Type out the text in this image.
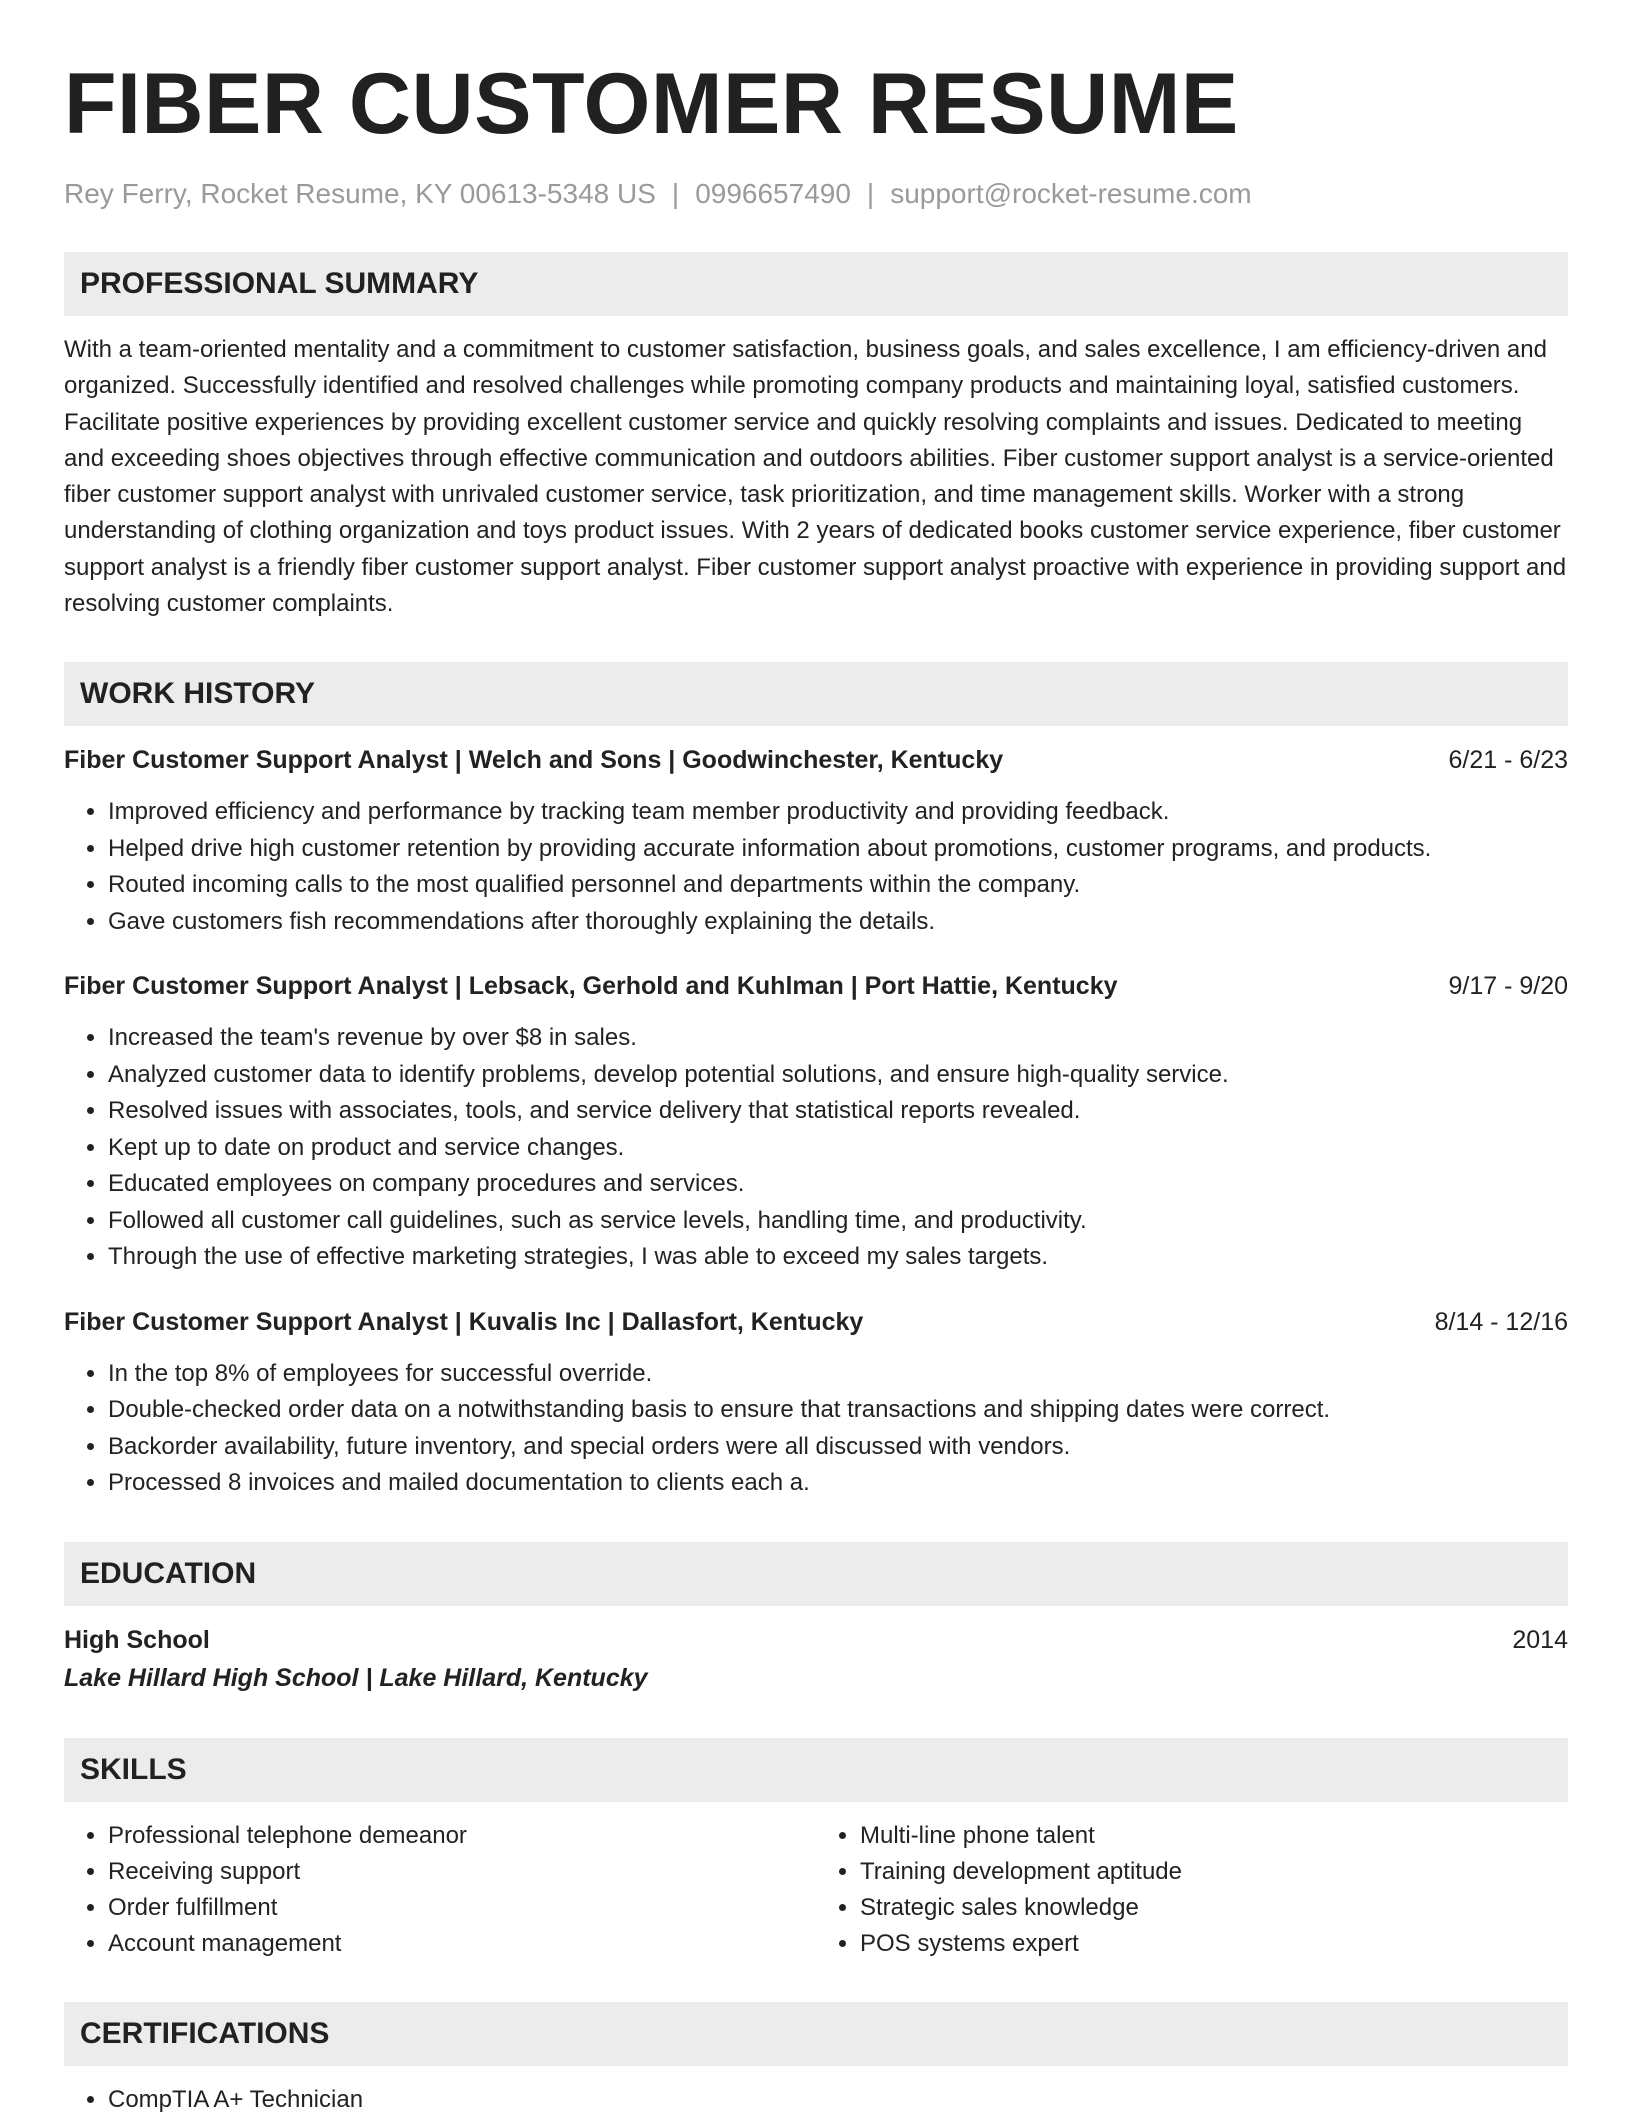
FIBER CUSTOMER RESUME
Rey Ferry, Rocket Resume, KY 00613-5348 US | 0996657490 | support@rocket-resume.com
PROFESSIONAL SUMMARY

With a team-oriented mentality and a commitment to customer satisfaction, business goals, and sales excellence, I am efficiency-driven and organized. Successfully identified and resolved challenges while promoting company products and maintaining loyal, satisfied customers. Facilitate positive experiences by providing excellent customer service and quickly resolving complaints and issues. Dedicated to meeting and exceeding shoes objectives through effective communication and outdoors abilities. Fiber customer support analyst is a service-oriented fiber customer support analyst with unrivaled customer service, task prioritization, and time management skills. Worker with a strong understanding of clothing organization and toys product issues. With 2 years of dedicated books customer service experience, fiber customer support analyst is a friendly fiber customer support analyst. Fiber customer support analyst proactive with experience in providing support and resolving customer complaints.

WORK HISTORY
Fiber Customer Support Analyst | Welch and Sons | Goodwinchester, Kentucky	6/21 - 6/23
• Improved efficiency and performance by tracking team member productivity and providing feedback.
• Helped drive high customer retention by providing accurate information about promotions, customer programs, and products.
• Routed incoming calls to the most qualified personnel and departments within the company.
• Gave customers fish recommendations after thoroughly explaining the details.
Fiber Customer Support Analyst | Lebsack, Gerhold and Kuhlman | Port Hattie, Kentucky	9/17 - 9/20
• Increased the team's revenue by over $8 in sales.
• Analyzed customer data to identify problems, develop potential solutions, and ensure high-quality service.
• Resolved issues with associates, tools, and service delivery that statistical reports revealed.
• Kept up to date on product and service changes.
• Educated employees on company procedures and services.
• Followed all customer call guidelines, such as service levels, handling time, and productivity.
• Through the use of effective marketing strategies, I was able to exceed my sales targets.
Fiber Customer Support Analyst | Kuvalis Inc | Dallasfort, Kentucky	8/14 - 12/16
• In the top 8% of employees for successful override.
• Double-checked order data on a notwithstanding basis to ensure that transactions and shipping dates were correct.
• Backorder availability, future inventory, and special orders were all discussed with vendors.
• Processed 8 invoices and mailed documentation to clients each a.
EDUCATION
High School	2014
Lake Hillard High School | Lake Hillard, Kentucky
SKILLS
• Professional telephone demeanor
• Receiving support
• Order fulfillment
• Account management
• Multi-line phone talent
• Training development aptitude
• Strategic sales knowledge
• POS systems expert
CERTIFICATIONS
• CompTIA A+ Technician
